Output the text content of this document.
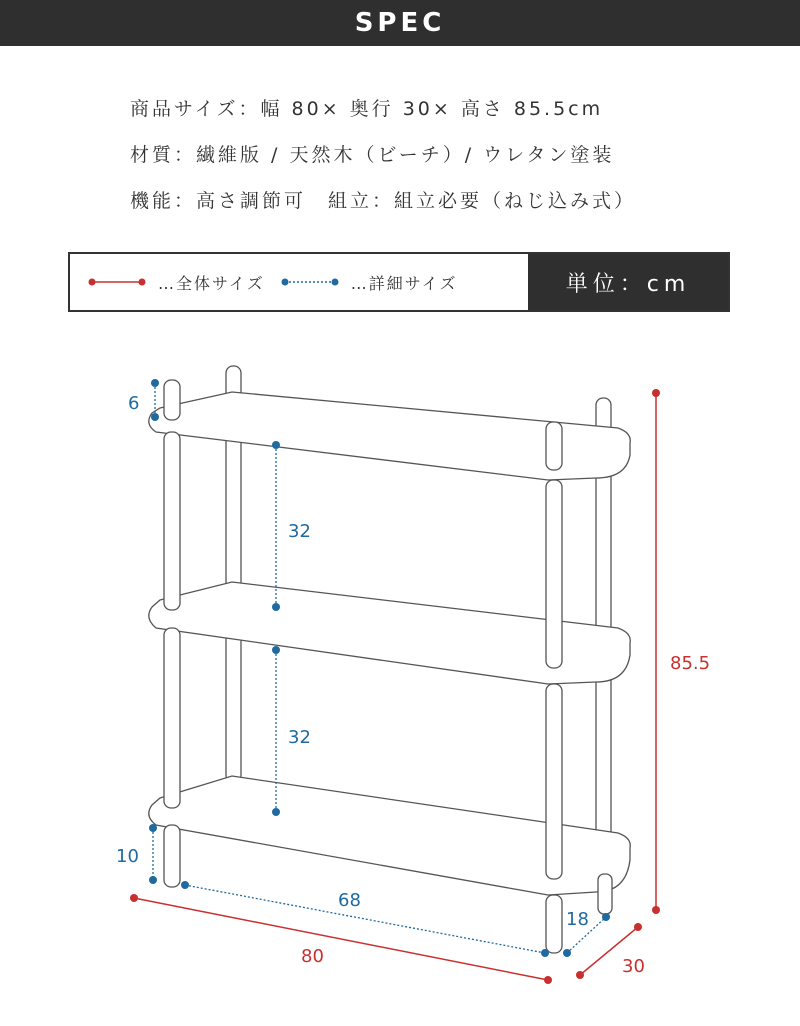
SPEC
商品サイズ：幅 80× 奥行 30× 高さ 85.5cm
材質：繊維版 / 天然木（ビーチ）/ ウレタン塗装
機能：高さ調節可　組立：組立必要（ねじ込み式）
…全体サイズ	…詳細サイズ	単位：cm
6
32
32
10
68
18
85.5
80	30
